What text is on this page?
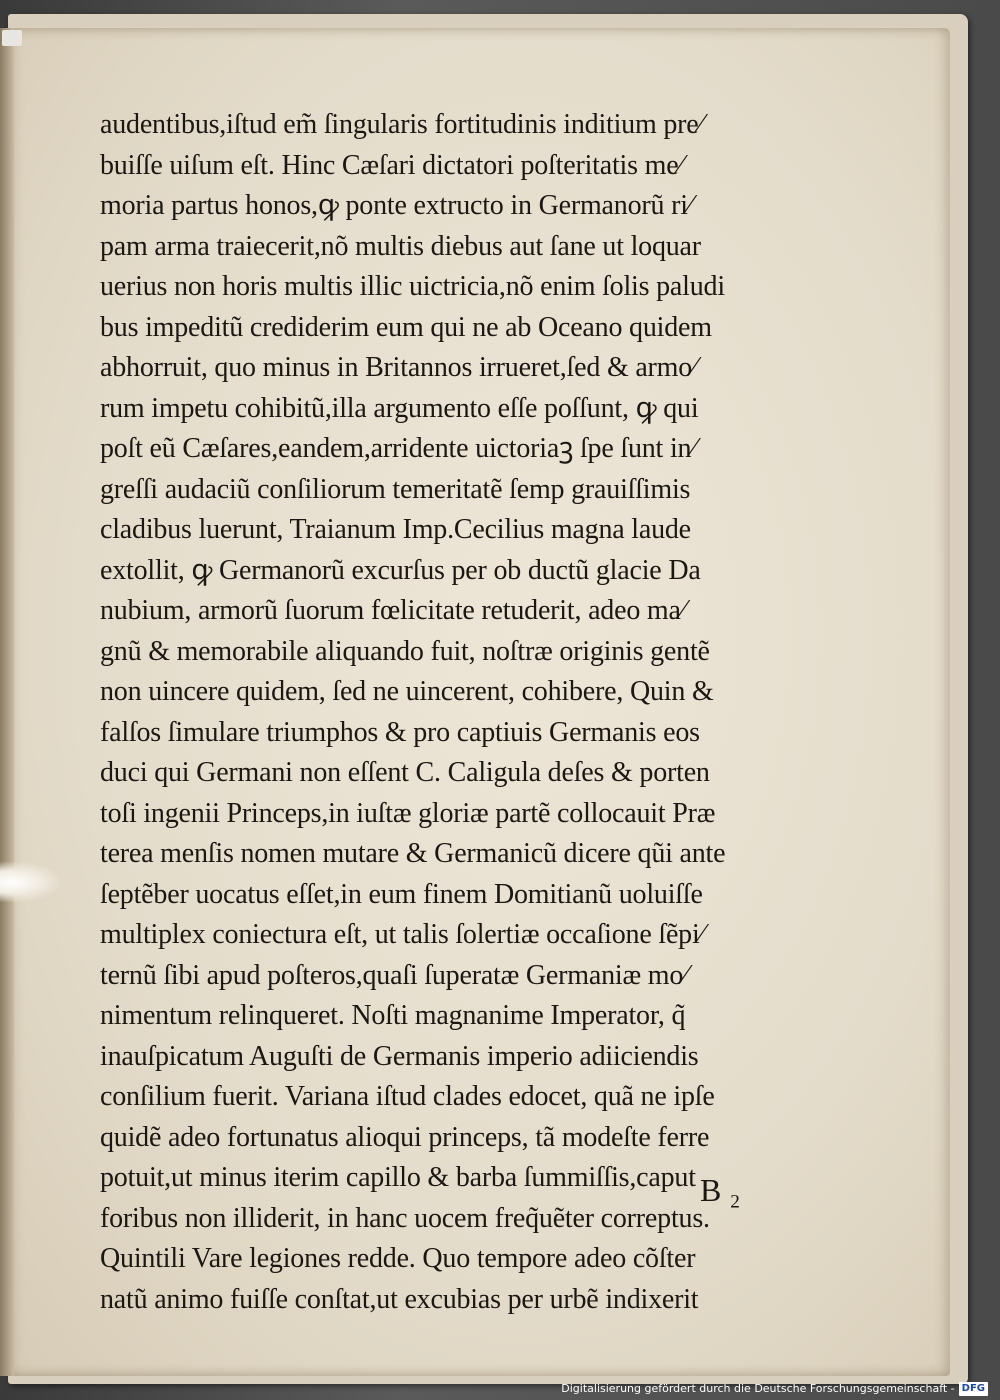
audentibus,iſtud em̃ ſingularis fortitudinis inditium pre⁄
buiſſe uiſum eſt. Hinc Cæſari dictatori poſteritatis me⁄
moria partus honos,ꝙ ponte extructo in Germanorũ ri⁄
pam arma traiecerit,nõ multis diebus aut ſane ut loquar
uerius non horis multis illic uictricia,nõ enim ſolis paludi
bus impeditũ crediderim eum qui ne ab Oceano quidem
abhorruit, quo minus in Britannos irrueret,ſed & armo⁄
rum impetu cohibitũ,illa argumento eſſe poſſunt, ꝙ qui
poſt eũ Cæſares,eandem,arridente uictoriaꝫ ſpe ſunt in⁄
greſſi audaciũ conſiliorum temeritatẽ ſemp grauiſſimis
cladibus luerunt, Traianum Imp.Cecilius magna laude
extollit, ꝙ Germanorũ excurſus per ob ductũ glacie Da
nubium, armorũ ſuorum fœlicitate retuderit, adeo ma⁄
gnũ & memorabile aliquando fuit, noſtræ originis gentẽ
non uincere quidem, ſed ne uincerent, cohibere, Quin &
falſos ſimulare triumphos & pro captiuis Germanis eos
duci qui Germani non eſſent C. Caligula deſes & porten
toſi ingenii Princeps,in iuſtæ gloriæ partẽ collocauit Præ
terea menſis nomen mutare & Germanicũ dicere qũi ante
ſeptẽber uocatus eſſet,in eum finem Domitianũ uoluiſſe
multiplex coniectura eſt, ut talis ſolertiæ occaſione ſẽpi⁄
ternũ ſibi apud poſteros,quaſi ſuperatæ Germaniæ mo⁄
nimentum relinqueret. Noſti magnanime Imperator, q̃
inauſpicatum Auguſti de Germanis imperio adiiciendis
conſilium fuerit. Variana iſtud clades edocet, quã ne ipſe
quidẽ adeo fortunatus alioqui princeps, tã modeſte ferre
potuit,ut minus iterim capillo & barba ſummiſſis,caput
foribus non illiderit, in hanc uocem freq̃uẽter correptus.
Quintili Vare legiones redde. Quo tempore adeo cõſter
natũ animo fuiſſe conſtat,ut excubias per urbẽ indixerit
B ₂
Digitalisierung gefördert durch die Deutsche Forschungsgemeinschaft - DFG
